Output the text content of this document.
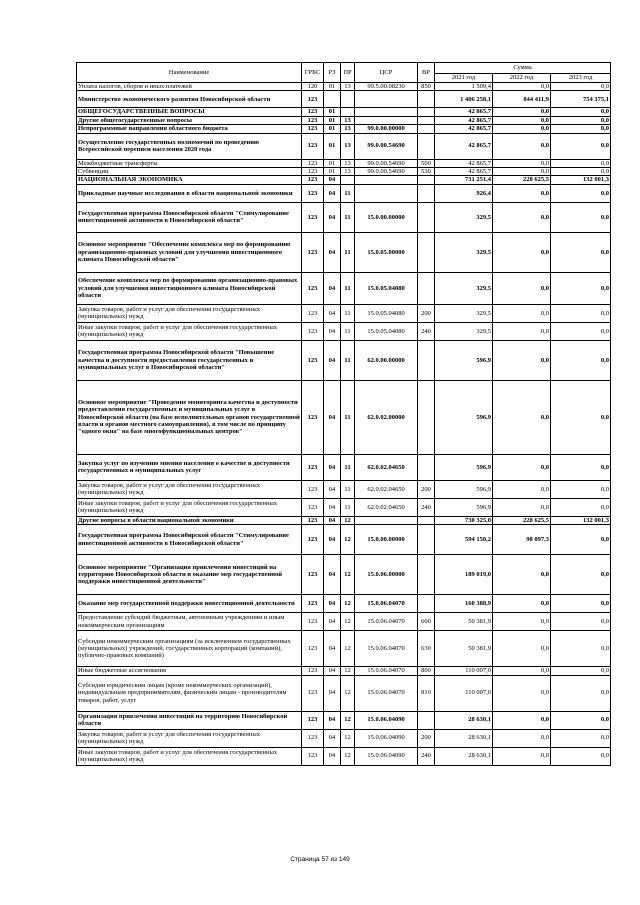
Наименование	ГРБС	РЗ	ПР	ЦСР	ВР	Сумма		
						2021 год	2022 год	2023 год
Уплата налогов, сборов и иных платежей	120	01	13	99.5.00.08230	850	1 509,4	0,0	0,0
Министерство экономического развития Новосибирской области	123					1 406 258,1	844 411,9	754 375,1
ОБЩЕГОСУДАРСТВЕННЫЕ ВОПРОСЫ	123	01				42 865,7	0,0	0,0
Другие общегосударственные вопросы	123	01	13			42 865,7	0,0	0,0
Непрограммные направления областного бюджета	123	01	13	99.0.00.00000		42 865,7	0,0	0,0
Осуществление государственных полномочий по проведению Всероссийской переписи населения 2020 года	123	01	13	99.0.00.54690		42 865,7	0,0	0,0
Межбюджетные трансферты	123	01	13	99.0.00.54690	500	42 865,7	0,0	0,0
Субвенции	123	01	13	99.0.00.54690	530	42 865,7	0,0	0,0
НАЦИОНАЛЬНАЯ ЭКОНОМИКА	123	04				731 251,4	228 625,5	132 001,3
Прикладные научные исследования в области национальной экономики	123	04	11			926,4	0,0	0,0
Государственная программа Новосибирской области "Стимулирование инвестиционной активности в Новосибирской области"	123	04	11	15.0.00.00000		329,5	0,0	0,0
Основное мероприятие "Обеспечение комплекса мер по формированию организационно-правовых условий для улучшения инвестиционного климата Новосибирской области"	123	04	11	15.0.05.00000		329,5	0,0	0,0
Обеспечение комплекса мер по формированию организационно-правовых условий для улучшения инвестиционного климата Новосибирской области	123	04	11	15.0.05.04080		329,5	0,0	0,0
Закупка товаров, работ и услуг для обеспечения государственных (муниципальных) нужд	123	04	11	15.0.05.04080	200	329,5	0,0	0,0
Иные закупки товаров, работ и услуг для обеспечения государственных (муниципальных) нужд	123	04	11	15.0.05.04080	240	329,5	0,0	0,0
Государственная программа Новосибирской области "Повышение качества и доступности предоставления государственных и муниципальных услуг в Новосибирской области"	123	04	11	62.0.00.00000		596,9	0,0	0,0
Основное мероприятие "Проведение мониторинга качества и доступности предоставления государственных и муниципальных услуг в Новосибирской области (на базе исполнительных органов государственной власти и органов местного самоуправления), в том числе по принципу "одного окна" на базе многофункциональных центров"	123	04	11	62.0.02.00000		596,9	0,0	0,0
Закупка услуг по изучению мнения населения о качестве и доступности государственных и муниципальных услуг	123	04	11	62.0.02.04650		596,9	0,0	0,0
Закупка товаров, работ и услуг для обеспечения государственных (муниципальных) нужд	123	04	11	62.0.02.04650	200	596,9	0,0	0,0
Иные закупки товаров, работ и услуг для обеспечения государственных (муниципальных) нужд	123	04	11	62.0.02.04650	240	596,9	0,0	0,0
Другие вопросы в области национальной экономики	123	04	12			730 325,0	228 625,5	132 001,3
Государственная программа Новосибирской области "Стимулирование инвестиционной активности в Новосибирской области"	123	04	12	15.0.00.00000		594 150,2	98 097,3	0,0
Основное мероприятие "Организация привлечения инвестиций на территорию Новосибирской области и оказание мер государственной поддержки инвестиционной деятельности"	123	04	12	15.0.06.00000		189 019,0	0,0	0,0
Оказание мер государственной поддержки инвестиционной деятельности	123	04	12	15.0.06.04070		160 388,9	0,0	0,0
Предоставление субсидий бюджетным, автономным учреждениям и иным некоммерческим организациям	123	04	12	15.0.06.04070	600	50 381,9	0,0	0,0
Субсидии некоммерческим организациям (за исключением государственных (муниципальных) учреждений, государственных корпораций (компаний), публично-правовых компаний)	123	04	12	15.0.06.04070	630	50 381,9	0,0	0,0
Иные бюджетные ассигнования	123	04	12	15.0.06.04070	800	110 007,0	0,0	0,0
Субсидии юридическим лицам (кроме некоммерческих организаций), индивидуальным предпринимателям, физическим лицам - производителям товаров, работ, услуг	123	04	12	15.0.06.04070	810	110 007,0	0,0	0,0
Организация привлечения инвестиций на территорию Новосибирской области	123	04	12	15.0.06.04090		28 630,1	0,0	0,0
Закупка товаров, работ и услуг для обеспечения государственных (муниципальных) нужд	123	04	12	15.0.06.04090	200	28 630,1	0,0	0,0
Иные закупки товаров, работ и услуг для обеспечения государственных (муниципальных) нужд	123	04	12	15.0.06.04090	240	28 630,1	0,0	0,0
Страница 57 из 149
